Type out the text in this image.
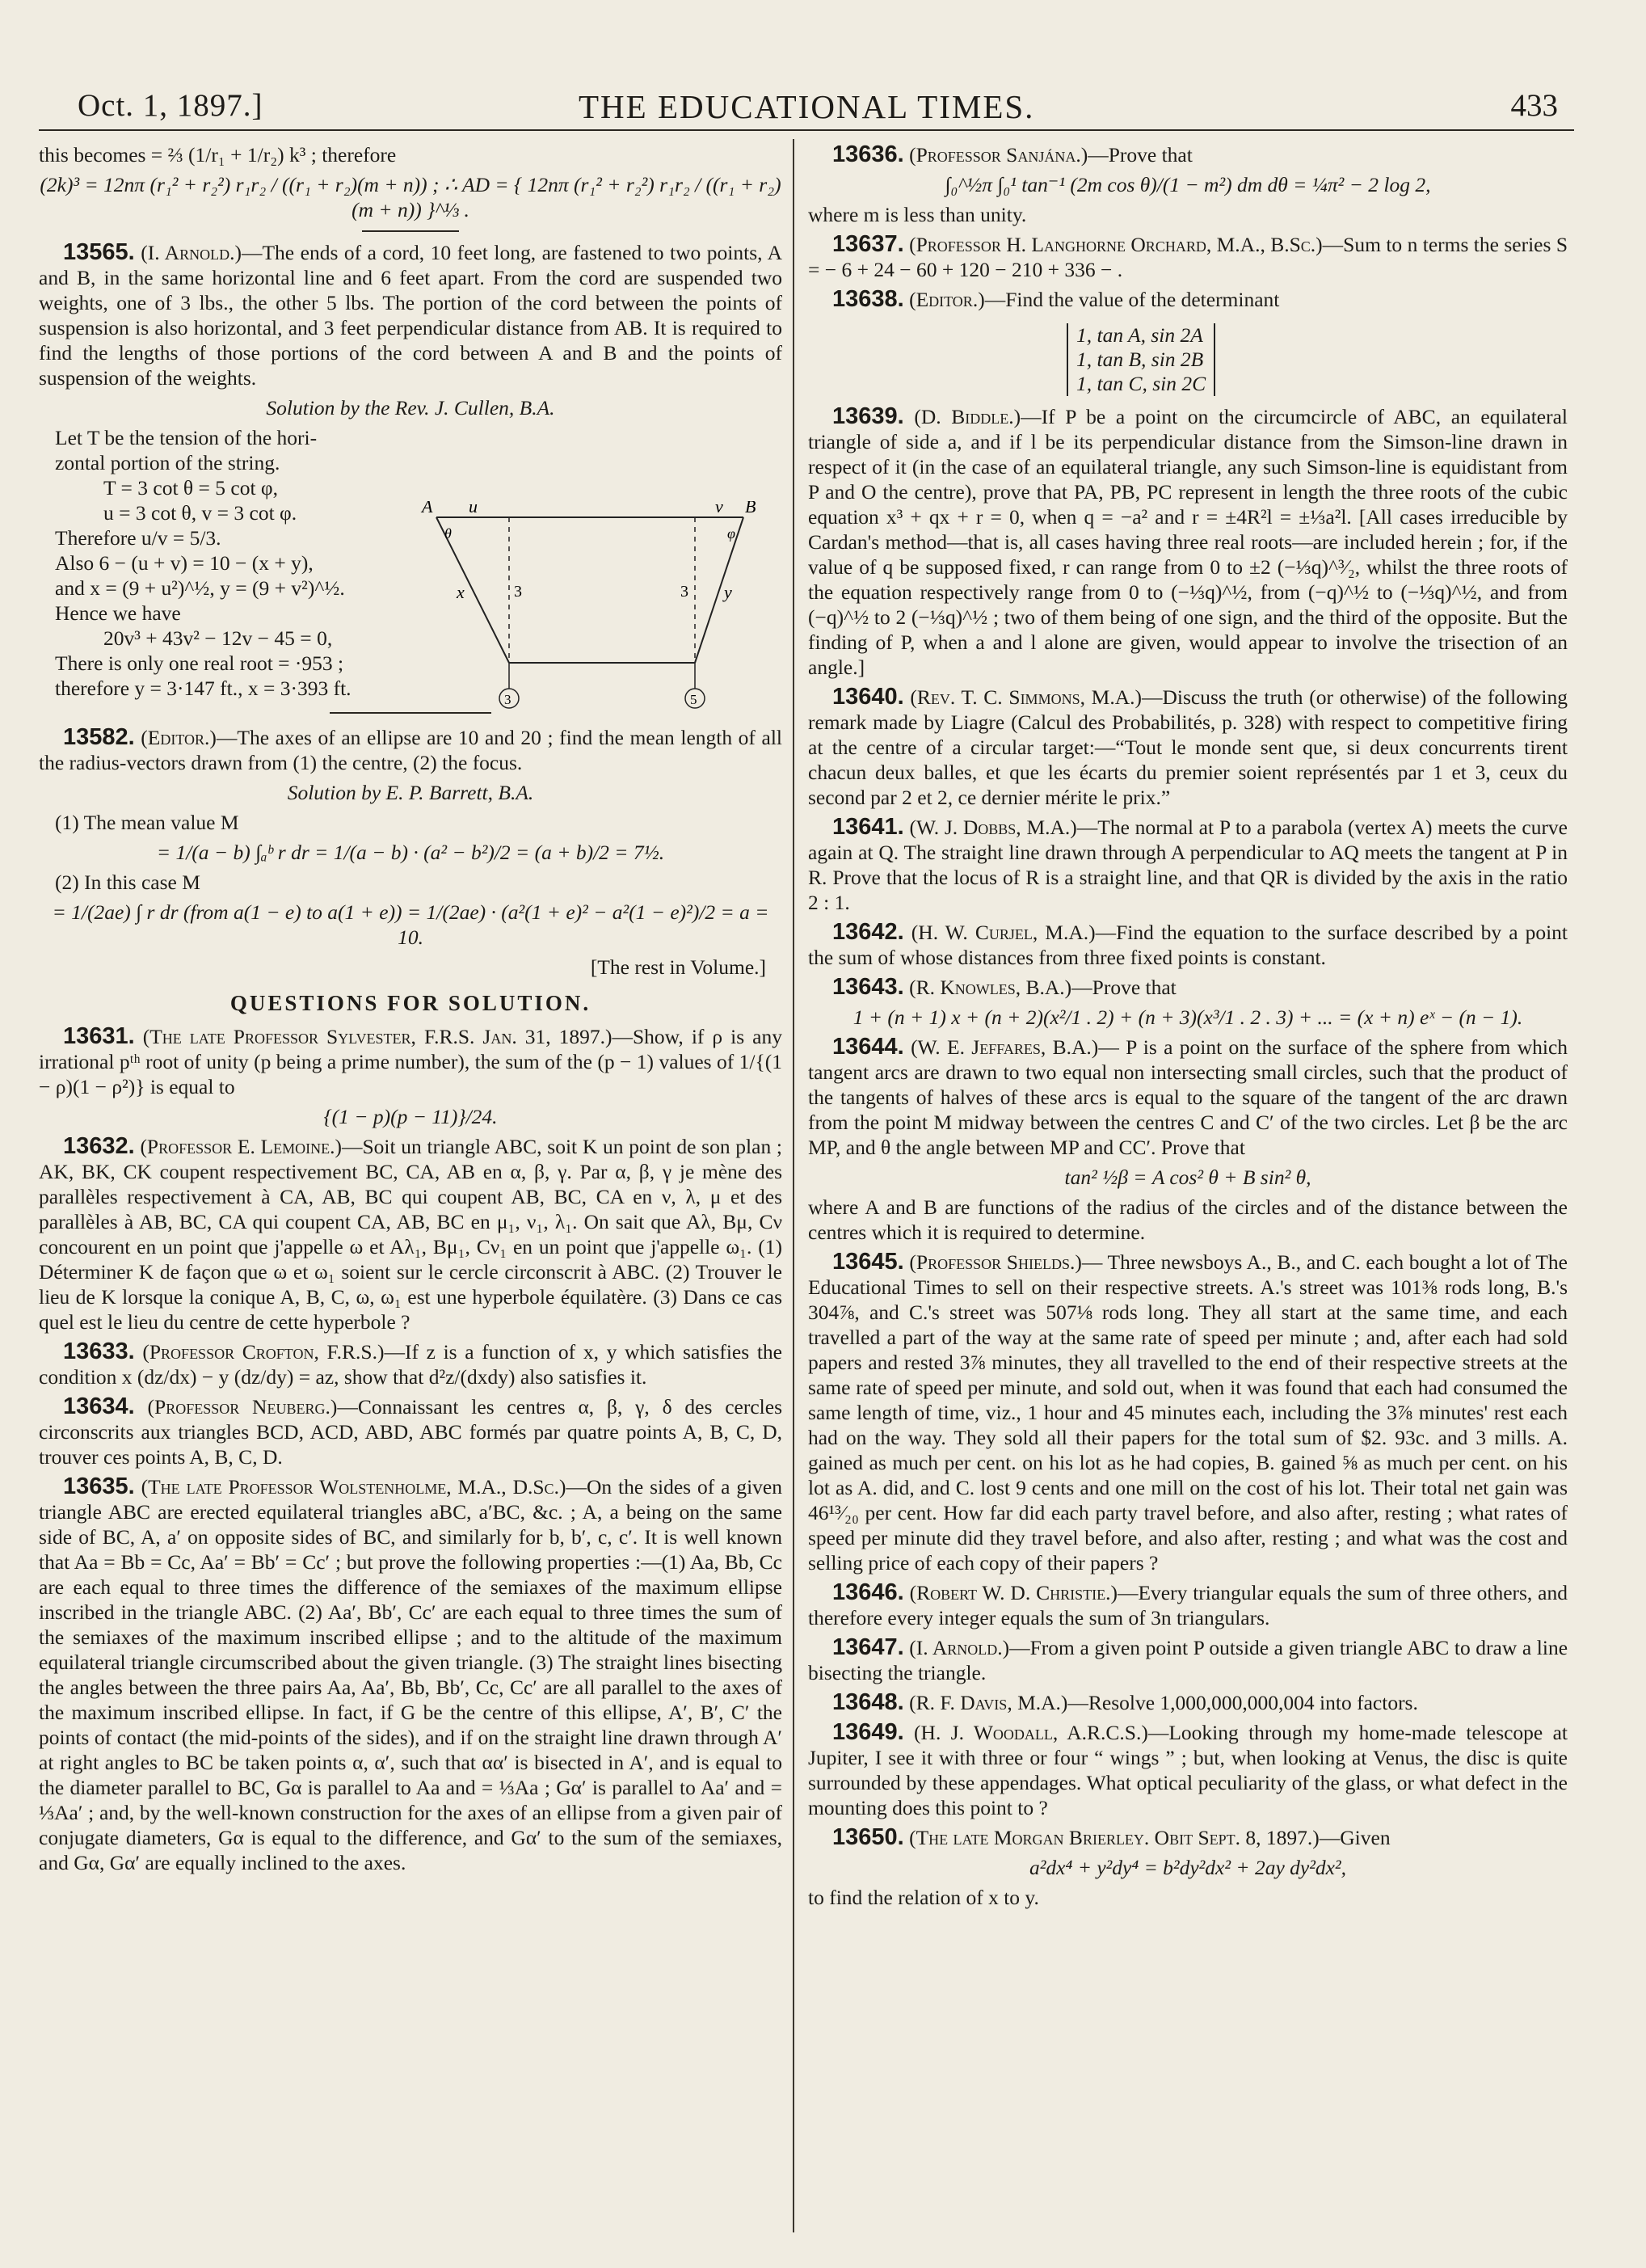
Oct. 1, 1897.]	THE EDUCATIONAL TIMES.	433

this becomes = ⅔ (1/r₁ + 1/r₂) k³ ; therefore

(2k)³ = 12nπ (r₁² + r₂²) r₁r₂ / ((r₁ + r₂)(m + n)) ; ∴ AD = { 12nπ (r₁² + r₂²) r₁r₂ / ((r₁ + r₂)(m + n)) }^⅓ .

13565. (I. Arnold.)—The ends of a cord, 10 feet long, are fastened to two points, A and B, in the same horizontal line and 6 feet apart. From the cord are suspended two weights, one of 3 lbs., the other 5 lbs. The portion of the cord between the points of suspension is also horizontal, and 3 feet perpendicular distance from AB. It is required to find the lengths of those portions of the cord between A and B and the points of suspension of the weights.

Solution by the Rev. J. Cullen, B.A.

Let T be the tension of the hori-
zontal portion of the string.
T = 3 cot θ = 5 cot φ,
u = 3 cot θ, v = 3 cot φ.
Therefore u/v = 5/3.
Also 6 − (u + v) = 10 − (x + y),
and x = (9 + u²)^½, y = (9 + v²)^½.
Hence we have
20v³ + 43v² − 12v − 45 = 0,
There is only one real root = ·953 ;
therefore y = 3·147 ft., x = 3·393 ft.

13582. (Editor.)—The axes of an ellipse are 10 and 20 ; find the mean length of all the radius-vectors drawn from (1) the centre, (2) the focus.

Solution by E. P. Barrett, B.A.

(1) The mean value M

= 1/(a − b) ∫ₐᵇ r dr = 1/(a − b) · (a² − b²)/2 = (a + b)/2 = 7½.

(2) In this case M

= 1/(2ae) ∫ r dr (from a(1 − e) to a(1 + e)) = 1/(2ae) · (a²(1 + e)² − a²(1 − e)²)/2 = a = 10.

[The rest in Volume.]

QUESTIONS FOR SOLUTION.

13631. (The late Professor Sylvester, F.R.S. Jan. 31, 1897.)—Show, if ρ is any irrational pᵗʰ root of unity (p being a prime number), the sum of the (p − 1) values of 1/{(1 − ρ)(1 − ρ²)} is equal to

{(1 − p)(p − 11)}/24.

13632. (Professor E. Lemoine.)—Soit un triangle ABC, soit K un point de son plan ; AK, BK, CK coupent respectivement BC, CA, AB en α, β, γ. Par α, β, γ je mène des parallèles respectivement à CA, AB, BC qui coupent AB, BC, CA en ν, λ, μ et des parallèles à AB, BC, CA qui coupent CA, AB, BC en μ₁, ν₁, λ₁. On sait que Aλ, Bμ, Cν concourent en un point que j'appelle ω et Aλ₁, Bμ₁, Cν₁ en un point que j'appelle ω₁. (1) Déterminer K de façon que ω et ω₁ soient sur le cercle circonscrit à ABC. (2) Trouver le lieu de K lorsque la conique A, B, C, ω, ω₁ est une hyperbole équilatère. (3) Dans ce cas quel est le lieu du centre de cette hyperbole ?

13633. (Professor Crofton, F.R.S.)—If z is a function of x, y which satisfies the condition x (dz/dx) − y (dz/dy) = az, show that d²z/(dxdy) also satisfies it.

13634. (Professor Neuberg.)—Connaissant les centres α, β, γ, δ des cercles circonscrits aux triangles BCD, ACD, ABD, ABC formés par quatre points A, B, C, D, trouver ces points A, B, C, D.

13635. (The late Professor Wolstenholme, M.A., D.Sc.)—On the sides of a given triangle ABC are erected equilateral triangles aBC, a′BC, &c. ; A, a being on the same side of BC, A, a′ on opposite sides of BC, and similarly for b, b′, c, c′. It is well known that Aa = Bb = Cc, Aa′ = Bb′ = Cc′ ; but prove the following properties :—(1) Aa, Bb, Cc are each equal to three times the difference of the semiaxes of the maximum ellipse inscribed in the triangle ABC. (2) Aa′, Bb′, Cc′ are each equal to three times the sum of the semiaxes of the maximum inscribed ellipse ; and to the altitude of the maximum equilateral triangle circumscribed about the given triangle. (3) The straight lines bisecting the angles between the three pairs Aa, Aa′, Bb, Bb′, Cc, Cc′ are all parallel to the axes of the maximum inscribed ellipse. In fact, if G be the centre of this ellipse, A′, B′, C′ the points of contact (the mid-points of the sides), and if on the straight line drawn through A′ at right angles to BC be taken points α, α′, such that αα′ is bisected in A′, and is equal to the diameter parallel to BC, Gα is parallel to Aa and = ⅓Aa ; Gα′ is parallel to Aa′ and = ⅓Aa′ ; and, by the well-known construction for the axes of an ellipse from a given pair of conjugate diameters, Gα is equal to the difference, and Gα′ to the sum of the semiaxes, and Gα, Gα′ are equally inclined to the axes.

A u	v B
θ	φ
x	y
3	3
3	5

13636. (Professor Sanjána.)—Prove that

∫₀^½π ∫₀¹ tan⁻¹ (2m cos θ)/(1 − m²) dm dθ = ¼π² − 2 log 2,

where m is less than unity.

13637. (Professor H. Langhorne Orchard, M.A., B.Sc.)—Sum to n terms the series S = − 6 + 24 − 60 + 120 − 210 + 336 − .

13638. (Editor.)—Find the value of the determinant

1, tan A, sin 2A
1, tan B, sin 2B
1, tan C, sin 2C

13639. (D. Biddle.)—If P be a point on the circumcircle of ABC, an equilateral triangle of side a, and if l be its perpendicular distance from the Simson-line drawn in respect of it (in the case of an equilateral triangle, any such Simson-line is equidistant from P and O the centre), prove that PA, PB, PC represent in length the three roots of the cubic equation x³ + qx + r = 0, when q = −a² and r = ±4R²l = ±⅓a²l. [All cases irreducible by Cardan's method—that is, all cases having three real roots—are included herein ; for, if the value of q be supposed fixed, r can range from 0 to ±2 (−⅓q)^³⁄₂, whilst the three roots of the equation respectively range from 0 to (−⅓q)^½, from (−q)^½ to (−⅓q)^½, and from (−q)^½ to 2 (−⅓q)^½ ; two of them being of one sign, and the third of the opposite. But the finding of P, when a and l alone are given, would appear to involve the trisection of an angle.]

13640. (Rev. T. C. Simmons, M.A.)—Discuss the truth (or otherwise) of the following remark made by Liagre (Calcul des Probabilités, p. 328) with respect to competitive firing at the centre of a circular target:—“Tout le monde sent que, si deux concurrents tirent chacun deux balles, et que les écarts du premier soient représentés par 1 et 3, ceux du second par 2 et 2, ce dernier mérite le prix.”

13641. (W. J. Dobbs, M.A.)—The normal at P to a parabola (vertex A) meets the curve again at Q. The straight line drawn through A perpendicular to AQ meets the tangent at P in R. Prove that the locus of R is a straight line, and that QR is divided by the axis in the ratio 2 : 1.

13642. (H. W. Curjel, M.A.)—Find the equation to the surface described by a point the sum of whose distances from three fixed points is constant.

13643. (R. Knowles, B.A.)—Prove that

1 + (n + 1) x + (n + 2)(x²/1 . 2) + (n + 3)(x³/1 . 2 . 3) + ... = (x + n) eˣ − (n − 1).

13644. (W. E. Jeffares, B.A.)— P is a point on the surface of the sphere from which tangent arcs are drawn to two equal non intersecting small circles, such that the product of the tangents of halves of these arcs is equal to the square of the tangent of the arc drawn from the point M midway between the centres C and C′ of the two circles. Let β be the arc MP, and θ the angle between MP and CC′. Prove that

tan² ½β = A cos² θ + B sin² θ,

where A and B are functions of the radius of the circles and of the distance between the centres which it is required to determine.

13645. (Professor Shields.)— Three newsboys A., B., and C. each bought a lot of The Educational Times to sell on their respective streets. A.'s street was 101⅜ rods long, B.'s 304⅞, and C.'s street was 507⅛ rods long. They all start at the same time, and each travelled a part of the way at the same rate of speed per minute ; and, after each had sold papers and rested 3⅞ minutes, they all travelled to the end of their respective streets at the same rate of speed per minute, and sold out, when it was found that each had consumed the same length of time, viz., 1 hour and 45 minutes each, including the 3⅞ minutes' rest each had on the way. They sold all their papers for the total sum of $2. 93c. and 3 mills. A. gained as much per cent. on his lot as he had copies, B. gained ⅝ as much per cent. on his lot as A. did, and C. lost 9 cents and one mill on the cost of his lot. Their total net gain was 46¹³⁄₂₀ per cent. How far did each party travel before, and also after, resting ; what rates of speed per minute did they travel before, and also after, resting ; and what was the cost and selling price of each copy of their papers ?

13646. (Robert W. D. Christie.)—Every triangular equals the sum of three others, and therefore every integer equals the sum of 3n triangulars.

13647. (I. Arnold.)—From a given point P outside a given triangle ABC to draw a line bisecting the triangle.

13648. (R. F. Davis, M.A.)—Resolve 1,000,000,000,004 into factors.

13649. (H. J. Woodall, A.R.C.S.)—Looking through my home-made telescope at Jupiter, I see it with three or four “ wings ” ; but, when looking at Venus, the disc is quite surrounded by these appendages. What optical peculiarity of the glass, or what defect in the mounting does this point to ?

13650. (The late Morgan Brierley. Obit Sept. 8, 1897.)—Given

a²dx⁴ + y²dy⁴ = b²dy²dx² + 2ay dy²dx²,

to find the relation of x to y.
